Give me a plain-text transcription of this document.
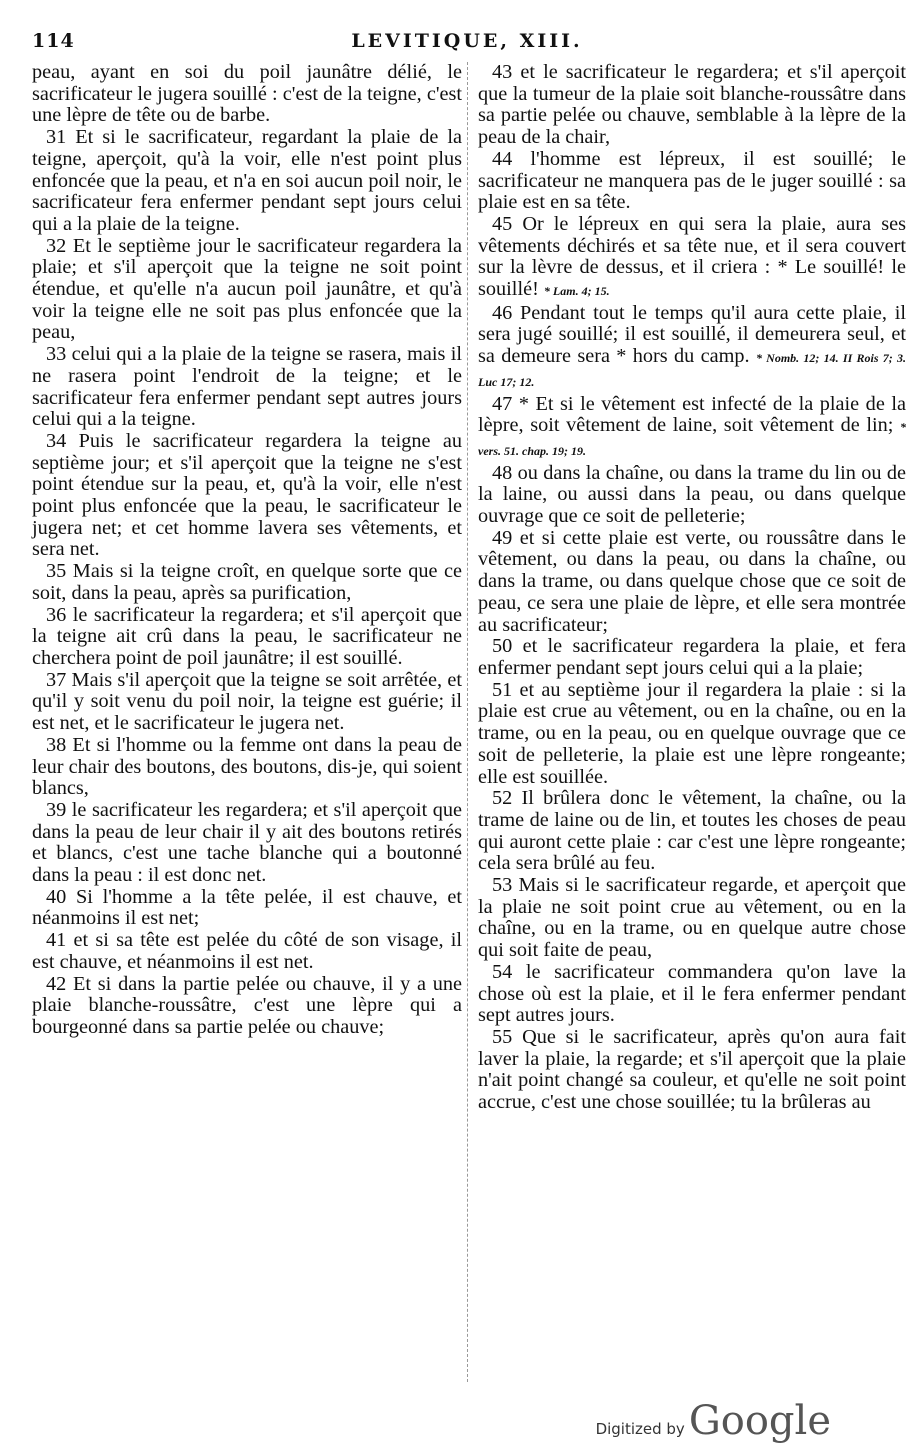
114	LEVITIQUE, XIII.

peau, ayant en soi du poil jaunâtre délié, le sacrificateur le jugera souillé : c'est de la teigne, c'est une lèpre de tête ou de barbe.

31 Et si le sacrificateur, regardant la plaie de la teigne, aperçoit, qu'à la voir, elle n'est point plus enfoncée que la peau, et n'a en soi aucun poil noir, le sacrificateur fera enfermer pendant sept jours celui qui a la plaie de la teigne.

32 Et le septième jour le sacrificateur regardera la plaie; et s'il aperçoit que la teigne ne soit point étendue, et qu'elle n'a aucun poil jaunâtre, et qu'à voir la teigne elle ne soit pas plus enfoncée que la peau,

33 celui qui a la plaie de la teigne se rasera, mais il ne rasera point l'endroit de la teigne; et le sacrificateur fera enfermer pendant sept autres jours celui qui a la teigne.

34 Puis le sacrificateur regardera la teigne au septième jour; et s'il aperçoit que la teigne ne s'est point étendue sur la peau, et, qu'à la voir, elle n'est point plus enfoncée que la peau, le sacrificateur le jugera net; et cet homme lavera ses vêtements, et sera net.

35 Mais si la teigne croît, en quelque sorte que ce soit, dans la peau, après sa purification,

36 le sacrificateur la regardera; et s'il aperçoit que la teigne ait crû dans la peau, le sacrificateur ne cherchera point de poil jaunâtre; il est souillé.

37 Mais s'il aperçoit que la teigne se soit arrêtée, et qu'il y soit venu du poil noir, la teigne est guérie; il est net, et le sacrificateur le jugera net.

38 Et si l'homme ou la femme ont dans la peau de leur chair des boutons, des boutons, dis-je, qui soient blancs,

39 le sacrificateur les regardera; et s'il aperçoit que dans la peau de leur chair il y ait des boutons retirés et blancs, c'est une tache blanche qui a boutonné dans la peau : il est donc net.

40 Si l'homme a la tête pelée, il est chauve, et néanmoins il est net;

41 et si sa tête est pelée du côté de son visage, il est chauve, et néanmoins il est net.

42 Et si dans la partie pelée ou chauve, il y a une plaie blanche-roussâtre, c'est une lèpre qui a bourgeonné dans sa partie pelée ou chauve;

43 et le sacrificateur le regardera; et s'il aperçoit que la tumeur de la plaie soit blanche-roussâtre dans sa partie pelée ou chauve, semblable à la lèpre de la peau de la chair,

44 l'homme est lépreux, il est souillé; le sacrificateur ne manquera pas de le juger souillé : sa plaie est en sa tête.

45 Or le lépreux en qui sera la plaie, aura ses vêtements déchirés et sa tête nue, et il sera couvert sur la lèvre de dessus, et il criera : * Le souillé! le souillé! * Lam. 4; 15.

46 Pendant tout le temps qu'il aura cette plaie, il sera jugé souillé; il est souillé, il demeurera seul, et sa demeure sera * hors du camp. * Nomb. 12; 14. II Rois 7; 3. Luc 17; 12.

47 * Et si le vêtement est infecté de la plaie de la lèpre, soit vêtement de laine, soit vêtement de lin; * vers. 51. chap. 19; 19.

48 ou dans la chaîne, ou dans la trame du lin ou de la laine, ou aussi dans la peau, ou dans quelque ouvrage que ce soit de pelleterie;

49 et si cette plaie est verte, ou roussâtre dans le vêtement, ou dans la peau, ou dans la chaîne, ou dans la trame, ou dans quelque chose que ce soit de peau, ce sera une plaie de lèpre, et elle sera montrée au sacrificateur;

50 et le sacrificateur regardera la plaie, et fera enfermer pendant sept jours celui qui a la plaie;

51 et au septième jour il regardera la plaie : si la plaie est crue au vêtement, ou en la chaîne, ou en la trame, ou en la peau, ou en quelque ouvrage que ce soit de pelleterie, la plaie est une lèpre rongeante; elle est souillée.

52 Il brûlera donc le vêtement, la chaîne, ou la trame de laine ou de lin, et toutes les choses de peau qui auront cette plaie : car c'est une lèpre rongeante; cela sera brûlé au feu.

53 Mais si le sacrificateur regarde, et aperçoit que la plaie ne soit point crue au vêtement, ou en la chaîne, ou en la trame, ou en quelque autre chose qui soit faite de peau,

54 le sacrificateur commandera qu'on lave la chose où est la plaie, et il le fera enfermer pendant sept autres jours.

55 Que si le sacrificateur, après qu'on aura fait laver la plaie, la regarde; et s'il aperçoit que la plaie n'ait point changé sa couleur, et qu'elle ne soit point accrue, c'est une chose souillée; tu la brûleras au

Digitized by Google
